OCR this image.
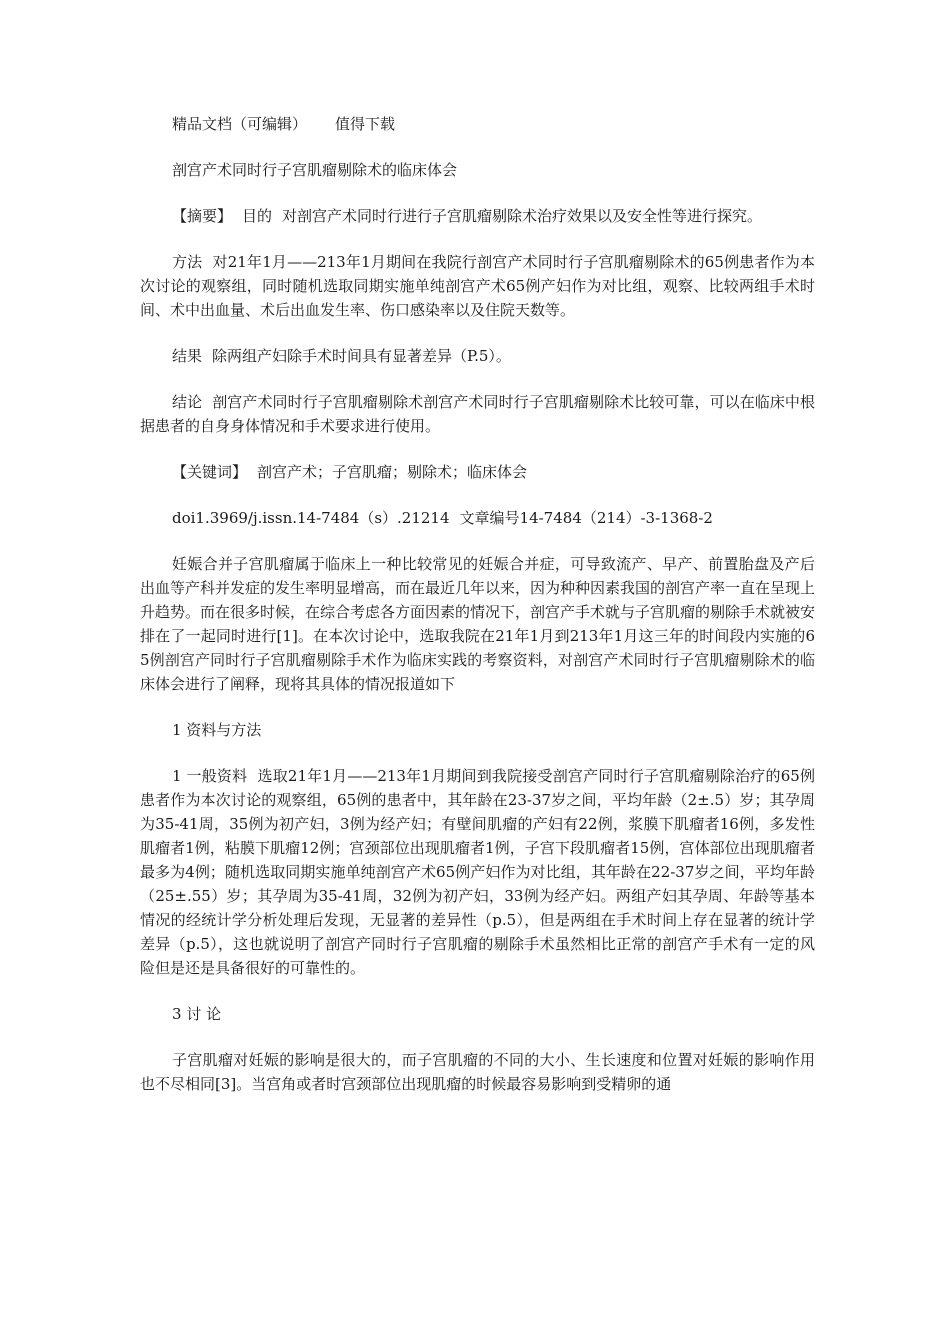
精品文档（可编辑） 值得下载

剖宫产术同时行子宫肌瘤剔除术的临床体会

【摘要】 目的 对剖宫产术同时行进行子宫肌瘤剔除术治疗效果以及安全性等进行探究。

方法 对21年1月——213年1月期间在我院行剖宫产术同时行子宫肌瘤剔除术的65例患者作为本次讨论的观察组，同时随机选取同期实施单纯剖宫产术65例产妇作为对比组，观察、比较两组手术时间、术中出血量、术后出血发生率、伤口感染率以及住院天数等。

结果 除两组产妇除手术时间具有显著差异（P.5）。

结论 剖宫产术同时行子宫肌瘤剔除术剖宫产术同时行子宫肌瘤剔除术比较可靠，可以在临床中根据患者的自身身体情况和手术要求进行使用。

【关键词】 剖宫产术；子宫肌瘤；剔除术；临床体会

doi1.3969/j.issn.14-7484（s）.21214 文章编号14-7484（214）-3-1368-2

妊娠合并子宫肌瘤属于临床上一种比较常见的妊娠合并症，可导致流产、早产、前置胎盘及产后出血等产科并发症的发生率明显增高，而在最近几年以来，因为种种因素我国的剖宫产率一直在呈现上升趋势。而在很多时候，在综合考虑各方面因素的情况下，剖宫产手术就与子宫肌瘤的剔除手术就被安排在了一起同时进行[1]。在本次讨论中，选取我院在21年1月到213年1月这三年的时间段内实施的65例剖宫产同时行子宫肌瘤剔除手术作为临床实践的考察资料，对剖宫产术同时行子宫肌瘤剔除术的临床体会进行了阐释，现将其具体的情况报道如下

1 资料与方法

1 一般资料 选取21年1月——213年1月期间到我院接受剖宫产同时行子宫肌瘤剔除治疗的65例患者作为本次讨论的观察组，65例的患者中，其年龄在23-37岁之间，平均年龄（2±.5）岁；其孕周为35-41周，35例为初产妇，3例为经产妇；有壁间肌瘤的产妇有22例，浆膜下肌瘤者16例，多发性肌瘤者1例，粘膜下肌瘤12例；宫颈部位出现肌瘤者1例，子宫下段肌瘤者15例，宫体部位出现肌瘤者最多为4例；随机选取同期实施单纯剖宫产术65例产妇作为对比组，其年龄在22-37岁之间，平均年龄（25±.55）岁；其孕周为35-41周，32例为初产妇，33例为经产妇。两组产妇其孕周、年龄等基本情况的经统计学分析处理后发现，无显著的差异性（p.5），但是两组在手术时间上存在显著的统计学差异（p.5），这也就说明了剖宫产同时行子宫肌瘤的剔除手术虽然相比正常的剖宫产手术有一定的风险但是还是具备很好的可靠性的。

3 讨 论

子宫肌瘤对妊娠的影响是很大的，而子宫肌瘤的不同的大小、生长速度和位置对妊娠的影响作用也不尽相同[3]。当宫角或者时宫颈部位出现肌瘤的时候最容易影响到受精卵的通
